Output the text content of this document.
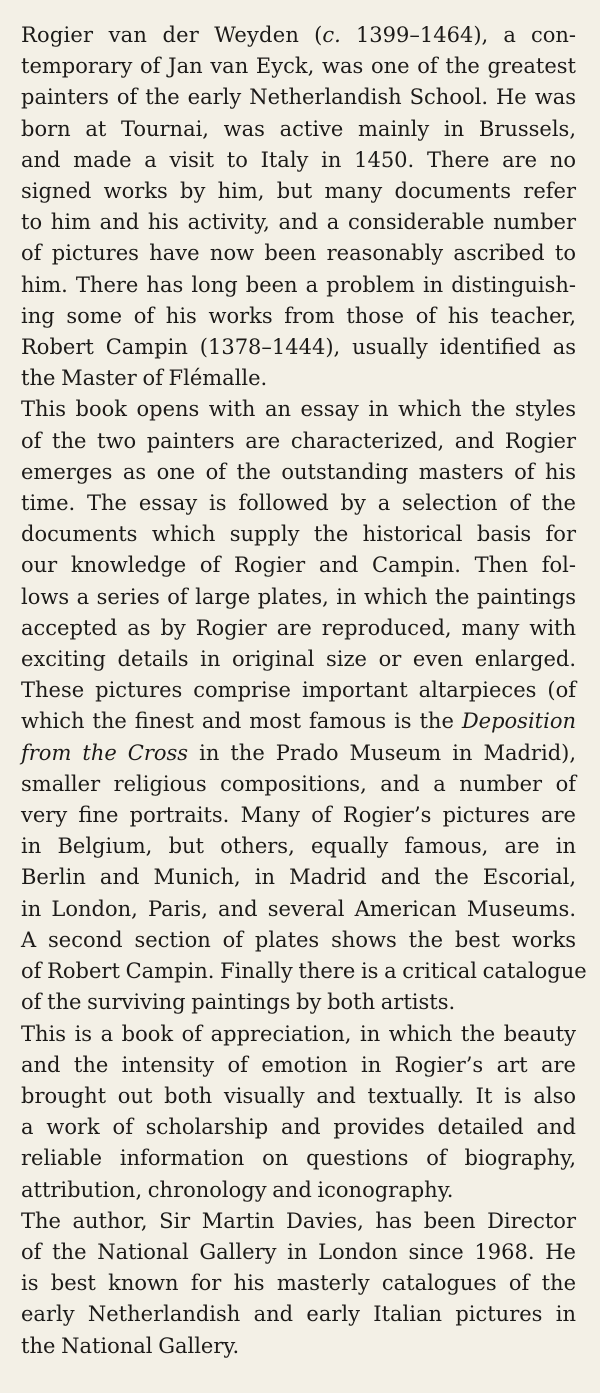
Rogier van der Weyden (c. 1399–1464), a con-
temporary of Jan van Eyck, was one of the greatest
painters of the early Netherlandish School. He was
born at Tournai, was active mainly in Brussels,
and made a visit to Italy in 1450. There are no
signed works by him, but many documents refer
to him and his activity, and a considerable number
of pictures have now been reasonably ascribed to
him. There has long been a problem in distinguish-
ing some of his works from those of his teacher,
Robert Campin (1378–1444), usually identified as
the Master of Flémalle.
This book opens with an essay in which the styles
of the two painters are characterized, and Rogier
emerges as one of the outstanding masters of his
time. The essay is followed by a selection of the
documents which supply the historical basis for
our knowledge of Rogier and Campin. Then fol-
lows a series of large plates, in which the paintings
accepted as by Rogier are reproduced, many with
exciting details in original size or even enlarged.
These pictures comprise important altarpieces (of
which the finest and most famous is the Deposition
from the Cross in the Prado Museum in Madrid),
smaller religious compositions, and a number of
very fine portraits. Many of Rogier’s pictures are
in Belgium, but others, equally famous, are in
Berlin and Munich, in Madrid and the Escorial,
in London, Paris, and several American Museums.
A second section of plates shows the best works
of Robert Campin. Finally there is a critical catalogue
of the surviving paintings by both artists.
This is a book of appreciation, in which the beauty
and the intensity of emotion in Rogier’s art are
brought out both visually and textually. It is also
a work of scholarship and provides detailed and
reliable information on questions of biography,
attribution, chronology and iconography.
The author, Sir Martin Davies, has been Director
of the National Gallery in London since 1968. He
is best known for his masterly catalogues of the
early Netherlandish and early Italian pictures in
the National Gallery.
